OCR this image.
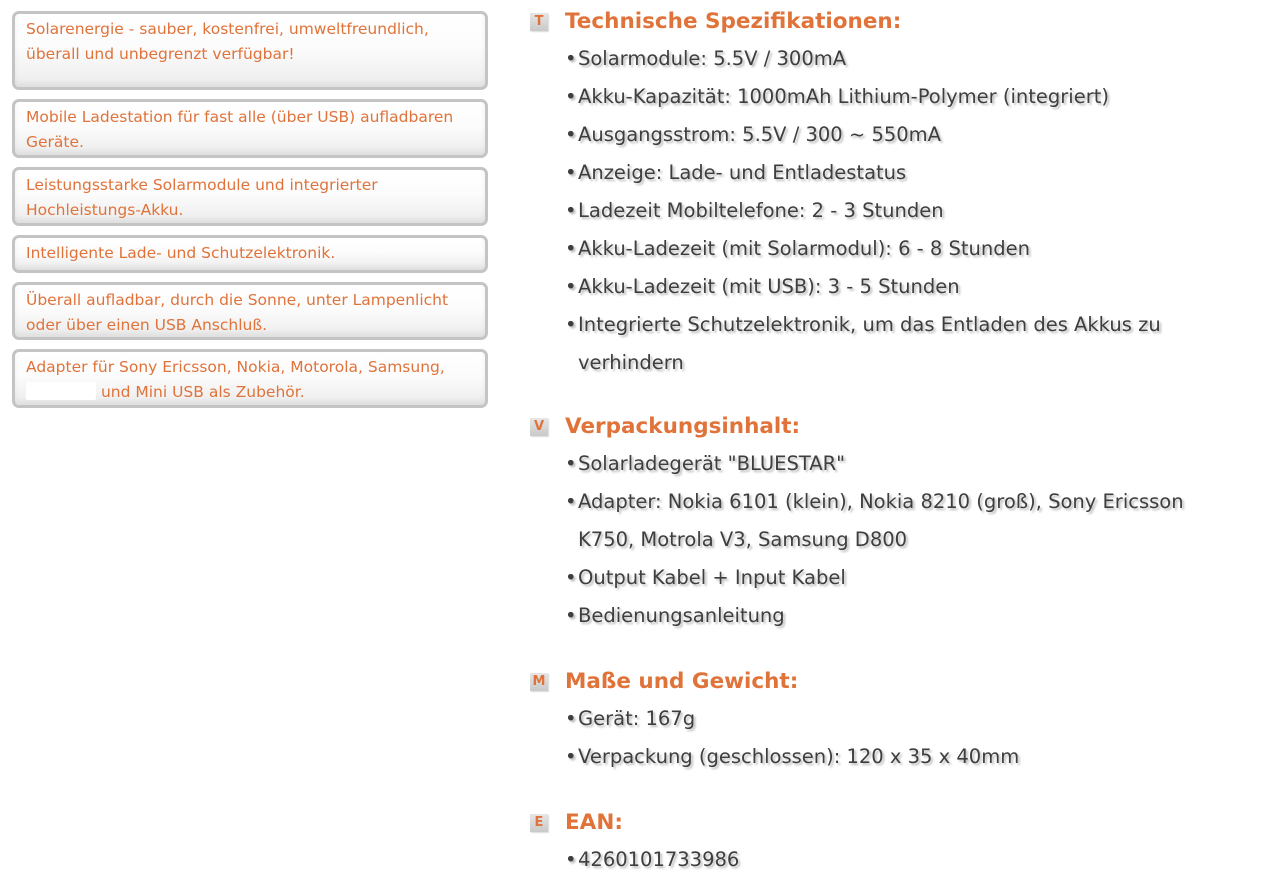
Solarenergie - sauber, kostenfrei, umweltfreundlich, überall und unbegrenzt verfügbar!
Mobile Ladestation für fast alle (über USB) aufladbaren Geräte.
Leistungsstarke Solarmodule und integrierter Hochleistungs-Akku.
Intelligente Lade- und Schutzelektronik.
Überall aufladbar, durch die Sonne, unter Lampenlicht oder über einen USB Anschluß.
Adapter für Sony Ericsson, Nokia, Motorola, Samsung,  und Mini USB als Zubehör.
T Technische Spezifikationen:
• Solarmodule: 5.5V / 300mA
• Akku-Kapazität: 1000mAh Lithium-Polymer (integriert)
• Ausgangsstrom: 5.5V / 300 ~ 550mA
• Anzeige: Lade- und Entladestatus
• Ladezeit Mobiltelefone: 2 - 3 Stunden
• Akku-Ladezeit (mit Solarmodul): 6 - 8 Stunden
• Akku-Ladezeit (mit USB): 3 - 5 Stunden
• Integrierte Schutzelektronik, um das Entladen des Akkus zu verhindern
V Verpackungsinhalt:
• Solarladegerät "BLUESTAR"
• Adapter: Nokia 6101 (klein), Nokia 8210 (groß), Sony Ericsson K750, Motrola V3, Samsung D800
• Output Kabel + Input Kabel
• Bedienungsanleitung
M Maße und Gewicht:
• Gerät: 167g
• Verpackung (geschlossen): 120 x 35 x 40mm
E EAN:
• 4260101733986
